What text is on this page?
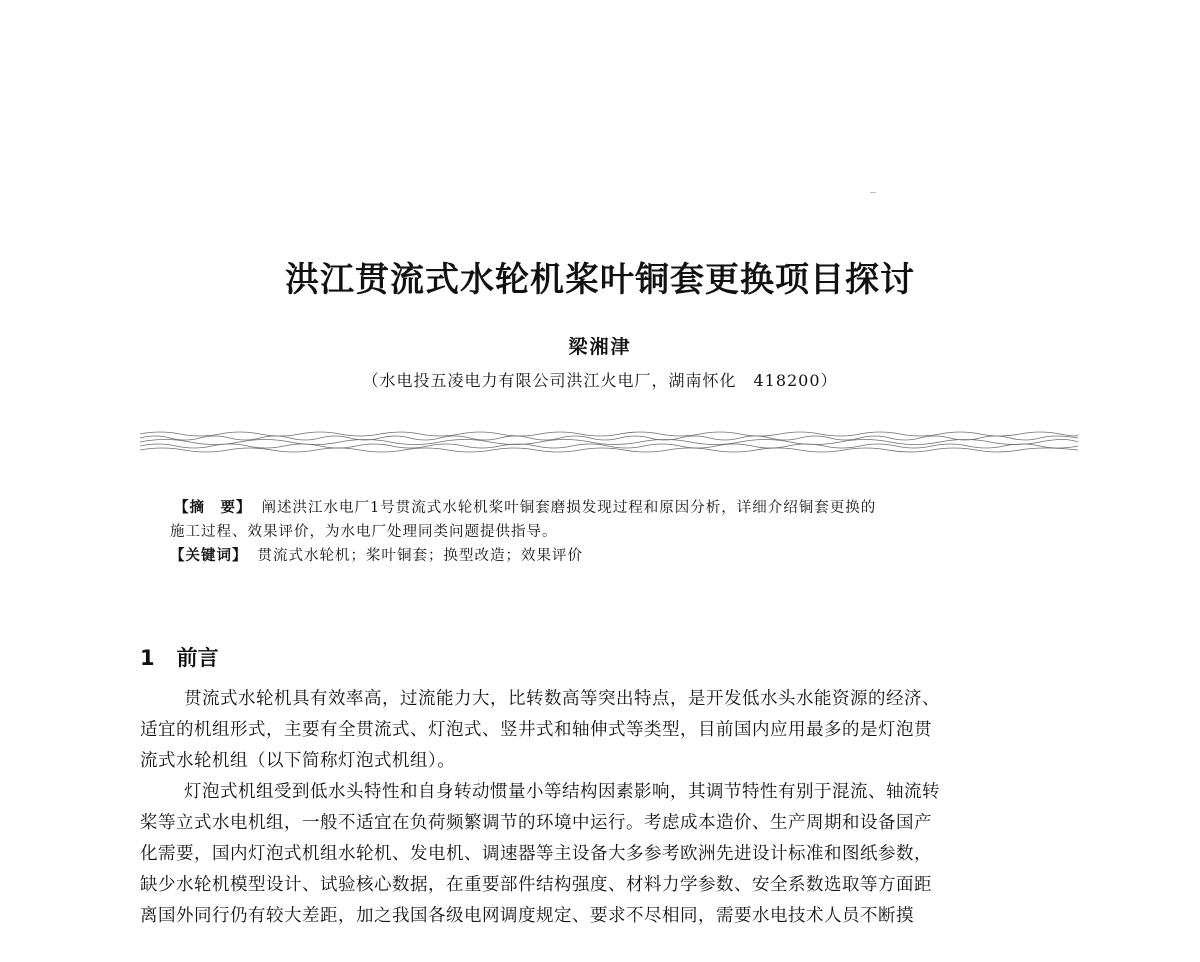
洪江贯流式水轮机桨叶铜套更换项目探讨
梁湘津
（水电投五凌电力有限公司洪江火电厂，湖南怀化　418200）
【摘　要】 阐述洪江水电厂1号贯流式水轮机桨叶铜套磨损发现过程和原因分析，详细介绍铜套更换的
施工过程、效果评价，为水电厂处理同类问题提供指导。
【关键词】 贯流式水轮机；桨叶铜套；换型改造；效果评价
1 前言
贯流式水轮机具有效率高，过流能力大，比转数高等突出特点，是开发低水头水能资源的经济、
适宜的机组形式，主要有全贯流式、灯泡式、竖井式和轴伸式等类型，目前国内应用最多的是灯泡贯
流式水轮机组（以下简称灯泡式机组）。
灯泡式机组受到低水头特性和自身转动惯量小等结构因素影响，其调节特性有别于混流、轴流转
桨等立式水电机组，一般不适宜在负荷频繁调节的环境中运行。考虑成本造价、生产周期和设备国产
化需要，国内灯泡式机组水轮机、发电机、调速器等主设备大多参考欧洲先进设计标准和图纸参数，
缺少水轮机模型设计、试验核心数据，在重要部件结构强度、材料力学参数、安全系数选取等方面距
离国外同行仍有较大差距，加之我国各级电网调度规定、要求不尽相同，需要水电技术人员不断摸
